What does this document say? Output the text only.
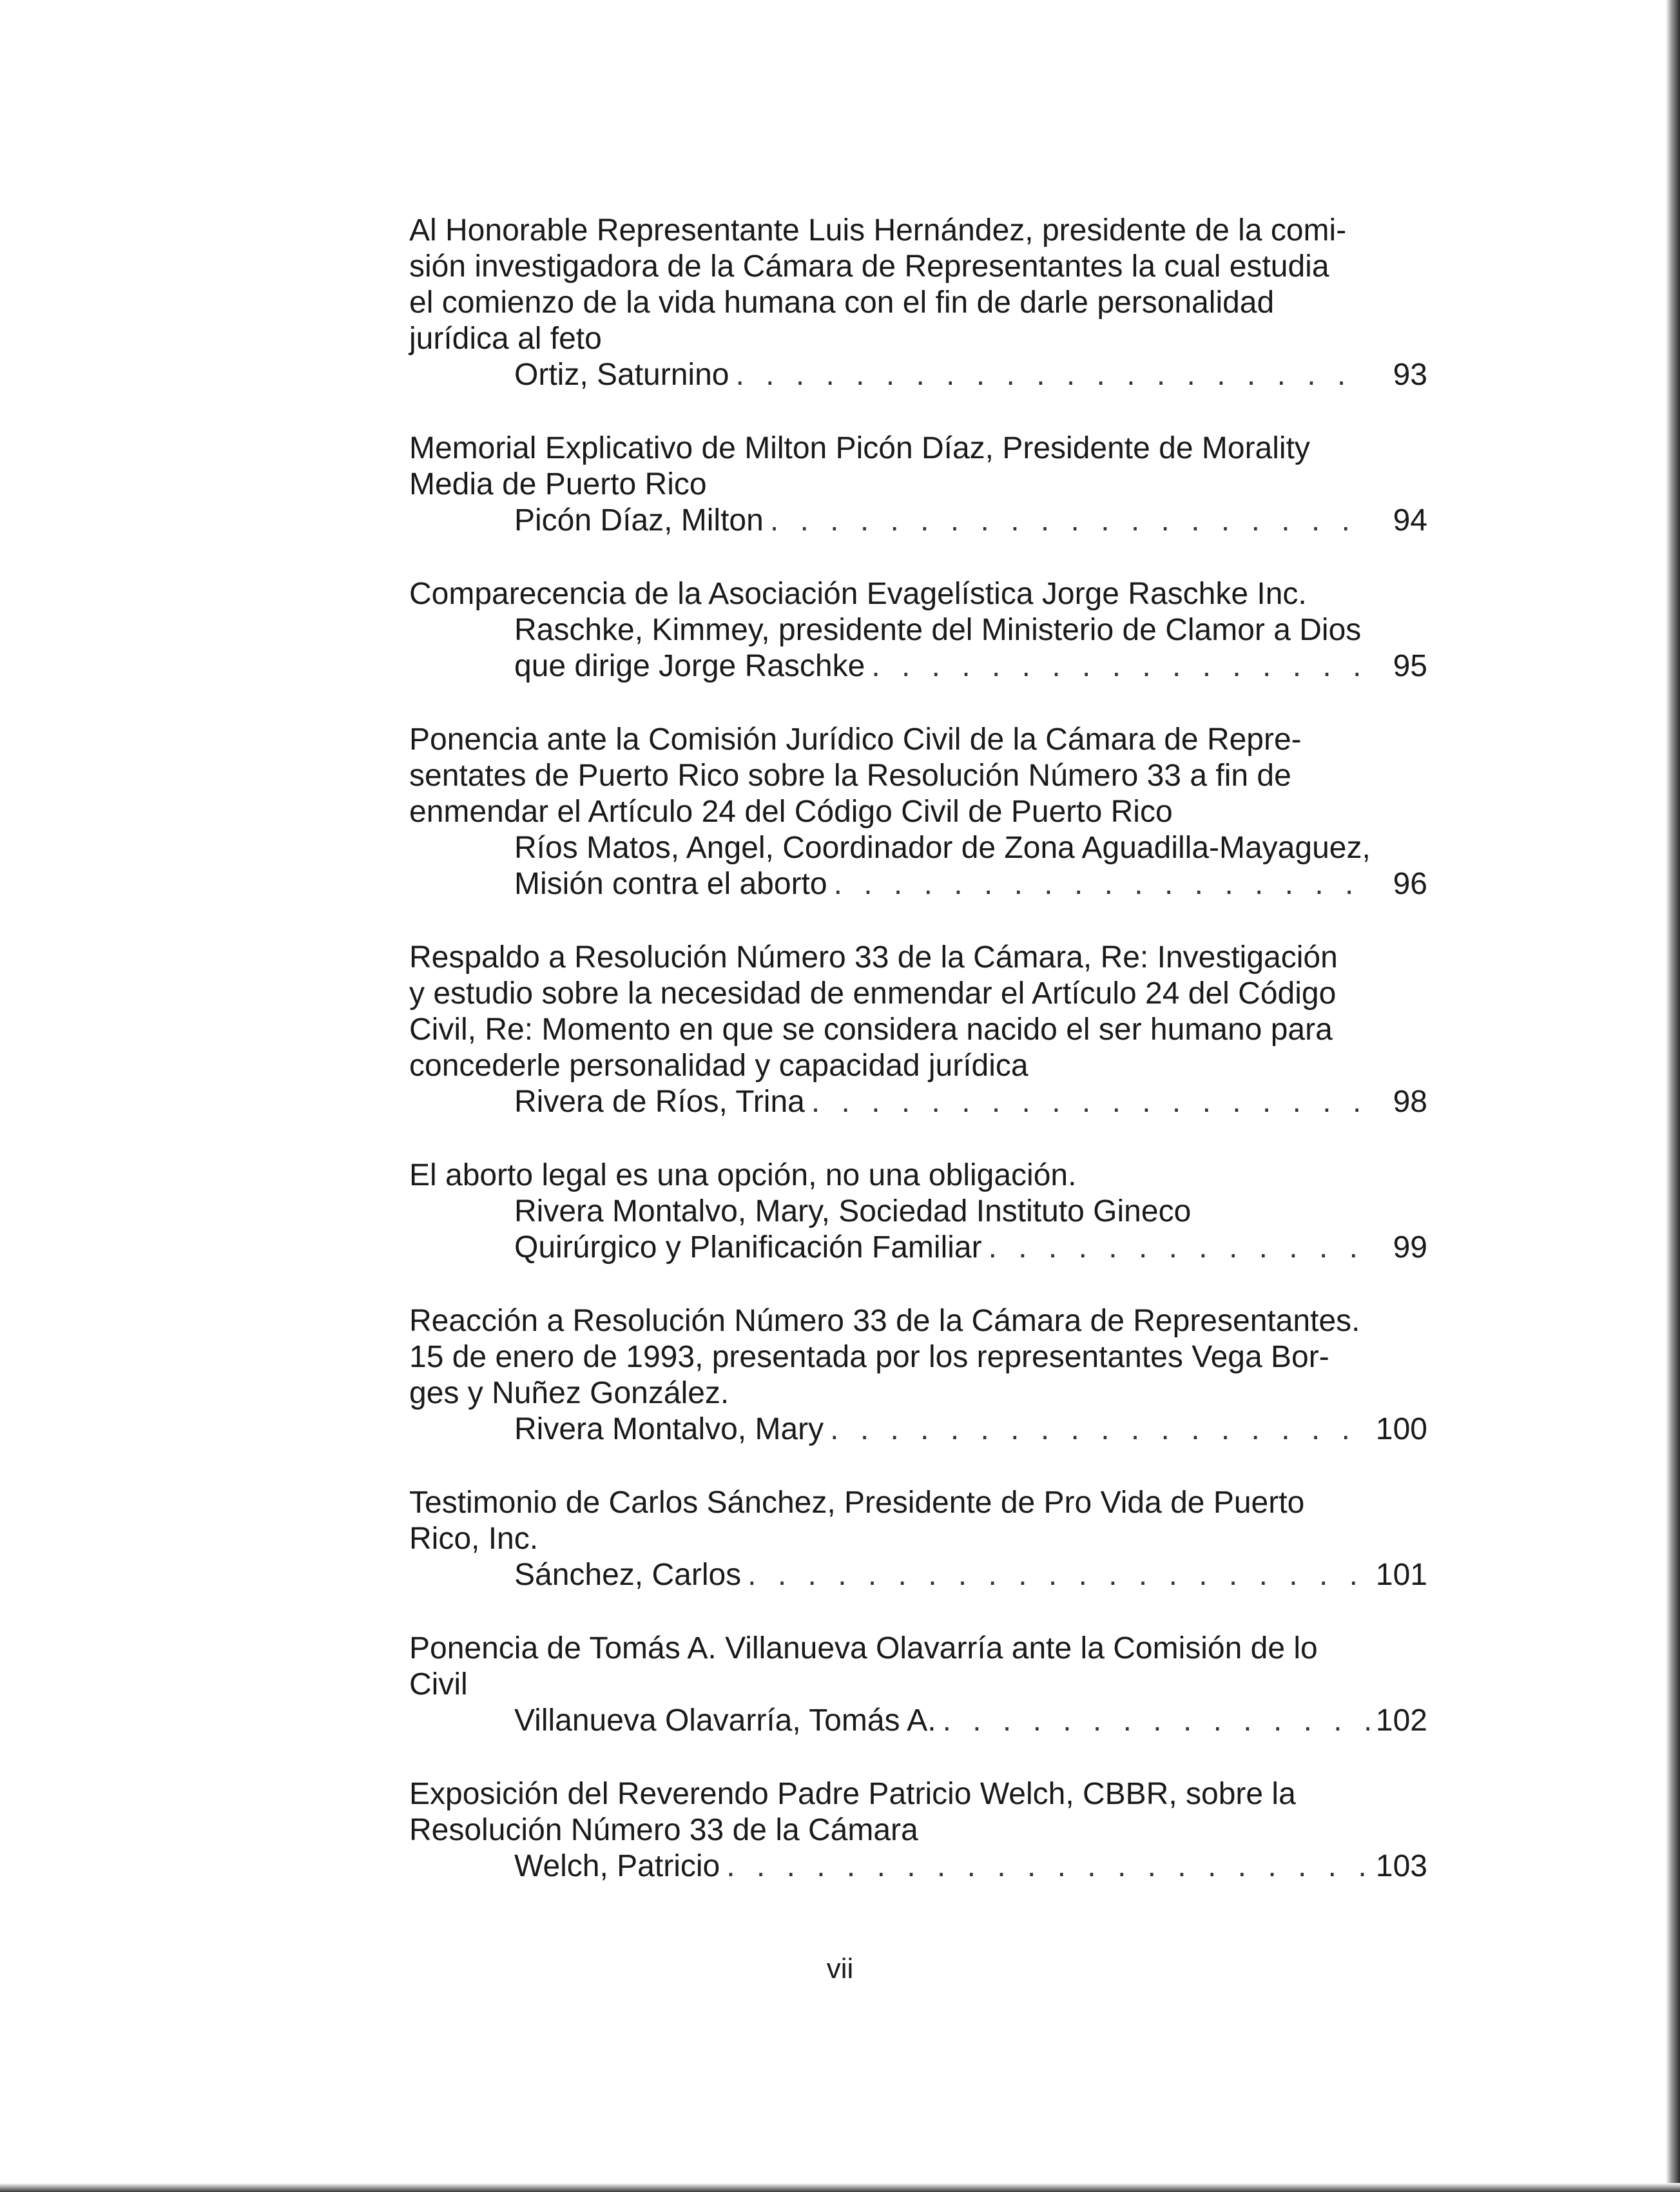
Al Honorable Representante Luis Hernández, presidente de la comi-
sión investigadora de la Cámara de Representantes la cual estudia
el comienzo de la vida humana con el fin de darle personalidad
jurídica al feto

Ortiz, Saturnino . . .	93

Memorial Explicativo de Milton Picón Díaz, Presidente de Morality
Media de Puerto Rico

Picón Díaz, Milton . . .	94

Comparecencia de la Asociación Evagelística Jorge Raschke Inc.

Raschke, Kimmey, presidente del Ministerio de Clamor a Dios
que dirige Jorge Raschke . . .	95

Ponencia ante la Comisión Jurídico Civil de la Cámara de Repre-
sentates de Puerto Rico sobre la Resolución Número 33 a fin de
enmendar el Artículo 24 del Código Civil de Puerto Rico

Ríos Matos, Angel, Coordinador de Zona Aguadilla-Mayaguez,
Misión contra el aborto . . .	96

Respaldo a Resolución Número 33 de la Cámara, Re: Investigación
y estudio sobre la necesidad de enmendar el Artículo 24 del Código
Civil, Re: Momento en que se considera nacido el ser humano para
concederle personalidad y capacidad jurídica

Rivera de Ríos, Trina . . .	98

El aborto legal es una opción, no una obligación.

Rivera Montalvo, Mary, Sociedad Instituto Gineco
Quirúrgico y Planificación Familiar . . .	99

Reacción a Resolución Número 33 de la Cámara de Representantes.
15 de enero de 1993, presentada por los representantes Vega Bor-
ges y Nuñez González.

Rivera Montalvo, Mary . . .	100

Testimonio de Carlos Sánchez, Presidente de Pro Vida de Puerto
Rico, Inc.

Sánchez, Carlos . . .	101

Ponencia de Tomás A. Villanueva Olavarría ante la Comisión de lo
Civil

Villanueva Olavarría, Tomás A. . . .	102

Exposición del Reverendo Padre Patricio Welch, CBBR, sobre la
Resolución Número 33 de la Cámara

Welch, Patricio . . .	103
vii
